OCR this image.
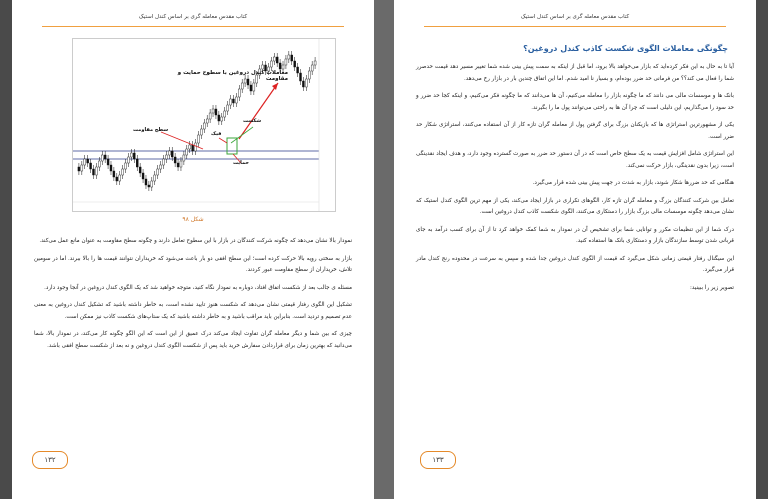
کتاب مقدس معامله گری بر اساس کندل استیک
سطح مقاومت
فیک
شکست
حمایت
معاملات کندل دروغین با سطوح حمایت و مقاومت
شکل ۹۸

نمودار بالا نشان می‌دهد که چگونه شرکت کنندگان در بازار با این سطوح تعامل دارند و چگونه سطح مقاومت به عنوان مانع عمل می‌کند.

بازار به سختی رویه بالا حرکت کرده است؛ این سطح افقی دو بار باعث می‌شود که خریداران نتوانند قیمت ها را بالا ببرند. اما در سومین تلاش، خریداران از سطح مقاومت عبور کردند.

مسئله ی جالب بعد از شکست اتفاق افتاد، دوباره به نمودار نگاه کنید، متوجه خواهید شد که یک الگوی کندل دروغین در آنجا وجود دارد.

تشکیل این الگوی رفتار قیمتی نشان می‌دهد که شکست هنوز تایید نشده است، به خاطر داشته باشید که تشکیل کندل دروغین به معنی عدم تصمیم و تردید است. بنابراین باید مراقب باشید و به خاطر داشته باشید که یک ستاپ‌های شکست کاذب نیز ممکن است.

چیزی که بین شما و دیگر معامله گران تفاوت ایجاد می‌کند درک عمیق از این است که این الگو چگونه کار می‌کند، در نمودار بالا، شما می‌دانید که بهترین زمان برای قراردادن سفارش خرید باید پس از شکست الگوی کندل دروغین و نه بعد از شکست سطح افقی باشد.

۱۳۲
کتاب مقدس معامله گری بر اساس کندل استیک
چگونگی معاملات الگوی شکست کاذب کندل دروغین؟

آیا تا به حال به این فکر کرده‌اید که بازار می‌خواهد بالا برود، اما قبل از اینکه به سمت پیش بینی شده شما تغییر مسیر دهد قیمت حدصرر شما را فعال می کند؟؟ من فرمانی حد ضرر بوده‌ام، و بسیار نا امید شدم. اما این اتفاق چندین بار در بازار رخ می‌دهد.

بانک ها و موسسات مالی می دانند که ما چگونه بازار را معامله می‌کنیم، آن ها می‌دانند که ما چگونه فکر می‌کنیم، و اینکه کجا حد ضرر و حد سود را می‌گذاریم، این دلیلی است که چرا آن ها به راحتی می‌توانند پول ما را بگیرند.

یکی از مشهورترین استراتژی ها که بازیکنان بزرگ برای گرفتن پول از معامله گران تازه کار از آن استفاده می‌کنند، استراتژی شکار حد ضرر است.

این استراتژی شامل افزایش قیمت به یک سطح خاص است که در آن دستور حد ضرر به صورت گسترده وجود دارد، و هدف ایجاد نقدینگی است، زیرا بدون نقدینگی، بازار حرکت نمی‌کند.

هنگامی که حد ضررها شکار شوند، بازار به شدت در جهت پیش بینی شده قرار می‌گیرد.

تعامل بین شرکت کنندگان بزرگ و معامله گران تازه کار، الگوهای تکراری در بازار ایجاد می‌کند، یکی از مهم ترین الگوی کندل استیک که نشان می‌دهد چگونه موسسات مالی بزرگ بازار را دستکاری می‌کنند، الگوی شکست کاذب کندل دروغین است.

درک شما از این تنظیمات مکرر و توانایی شما برای تشخیص آن در نمودار به شما کمک خواهد کرد تا از آن برای کسب درآمد به جای قربانی شدن توسط سازندگان بازار و دستکاری بانک ها استفاده کنید.

این سیگنال رفتار قیمتی زمانی شکل می‌گیرد که قیمت از الگوی کندل دروغین جدا شده و سپس به سرعت در محدوده رنج کندل مادر قرار می‌گیرد.

تصویر زیر را ببینید:

۱۳۳
